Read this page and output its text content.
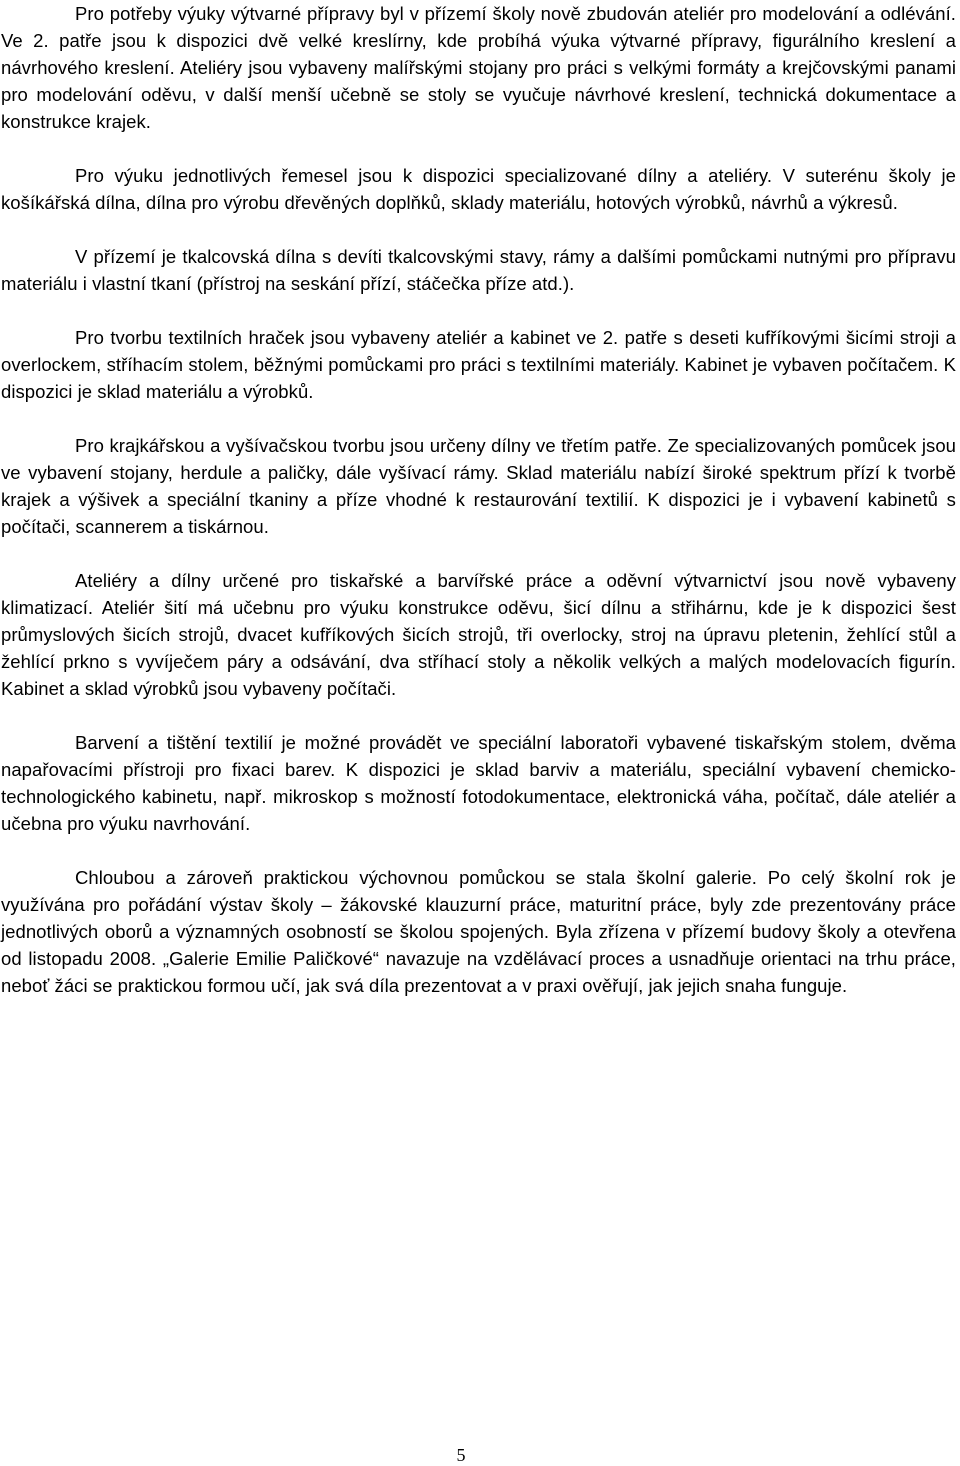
Pro potřeby výuky výtvarné přípravy byl v přízemí školy nově zbudován ateliér pro modelování a odlévání. Ve 2. patře jsou k dispozici dvě velké kreslírny, kde probíhá výuka výtvarné přípravy, figurálního kreslení a návrhového kreslení. Ateliéry jsou vybaveny malířskými stojany pro práci s velkými formáty a krejčovskými panami pro modelování oděvu, v další menší učebně se stoly se vyučuje návrhové kreslení, technická dokumentace a konstrukce krajek.

Pro výuku jednotlivých řemesel jsou k dispozici specializované dílny a ateliéry. V suterénu školy je košíkářská dílna, dílna pro výrobu dřevěných doplňků, sklady materiálu, hotových výrobků, návrhů a výkresů.

V přízemí je tkalcovská dílna s devíti tkalcovskými stavy, rámy a dalšími pomůckami nutnými pro přípravu materiálu i vlastní tkaní (přístroj na seskání přízí, stáčečka příze atd.).

Pro tvorbu textilních hraček jsou vybaveny ateliér a kabinet ve 2. patře s deseti kufříkovými šicími stroji a overlockem, stříhacím stolem, běžnými pomůckami pro práci s textilními materiály. Kabinet je vybaven počítačem. K dispozici je sklad materiálu a výrobků.

Pro krajkářskou a vyšívačskou tvorbu jsou určeny dílny ve třetím patře. Ze specializovaných pomůcek jsou ve vybavení stojany, herdule a paličky, dále vyšívací rámy. Sklad materiálu nabízí široké spektrum přízí k tvorbě krajek a výšivek a speciální tkaniny a příze vhodné k restaurování textilií. K dispozici je i vybavení kabinetů s počítači, scannerem a tiskárnou.

Ateliéry a dílny určené pro tiskařské a barvířské práce a oděvní výtvarnictví jsou nově vybaveny klimatizací. Ateliér šití má učebnu pro výuku konstrukce oděvu, šicí dílnu a střihárnu, kde je k dispozici šest průmyslových šicích strojů, dvacet kufříkových šicích strojů, tři overlocky, stroj na úpravu pletenin, žehlící stůl a žehlící prkno s vyvíječem páry a odsávání, dva stříhací stoly a několik velkých a malých modelovacích figurín. Kabinet a sklad výrobků jsou vybaveny počítači.

Barvení a tištění textilií je možné provádět ve speciální laboratoři vybavené tiskařským stolem, dvěma napařovacími přístroji pro fixaci barev. K dispozici je sklad barviv a materiálu, speciální vybavení chemicko-technologického kabinetu, např. mikroskop s možností fotodokumentace, elektronická váha, počítač, dále ateliér a učebna pro výuku navrhování.

Chloubou a zároveň praktickou výchovnou pomůckou se stala školní galerie. Po celý školní rok je využívána pro pořádání výstav školy – žákovské klauzurní práce, maturitní práce, byly zde prezentovány práce jednotlivých oborů a významných osobností se školou spojených. Byla zřízena v přízemí budovy školy a otevřena od listopadu 2008. „Galerie Emilie Paličkové“ navazuje na vzdělávací proces a usnadňuje orientaci na trhu práce, neboť žáci se praktickou formou učí, jak svá díla prezentovat a v praxi ověřují, jak jejich snaha funguje.

5
